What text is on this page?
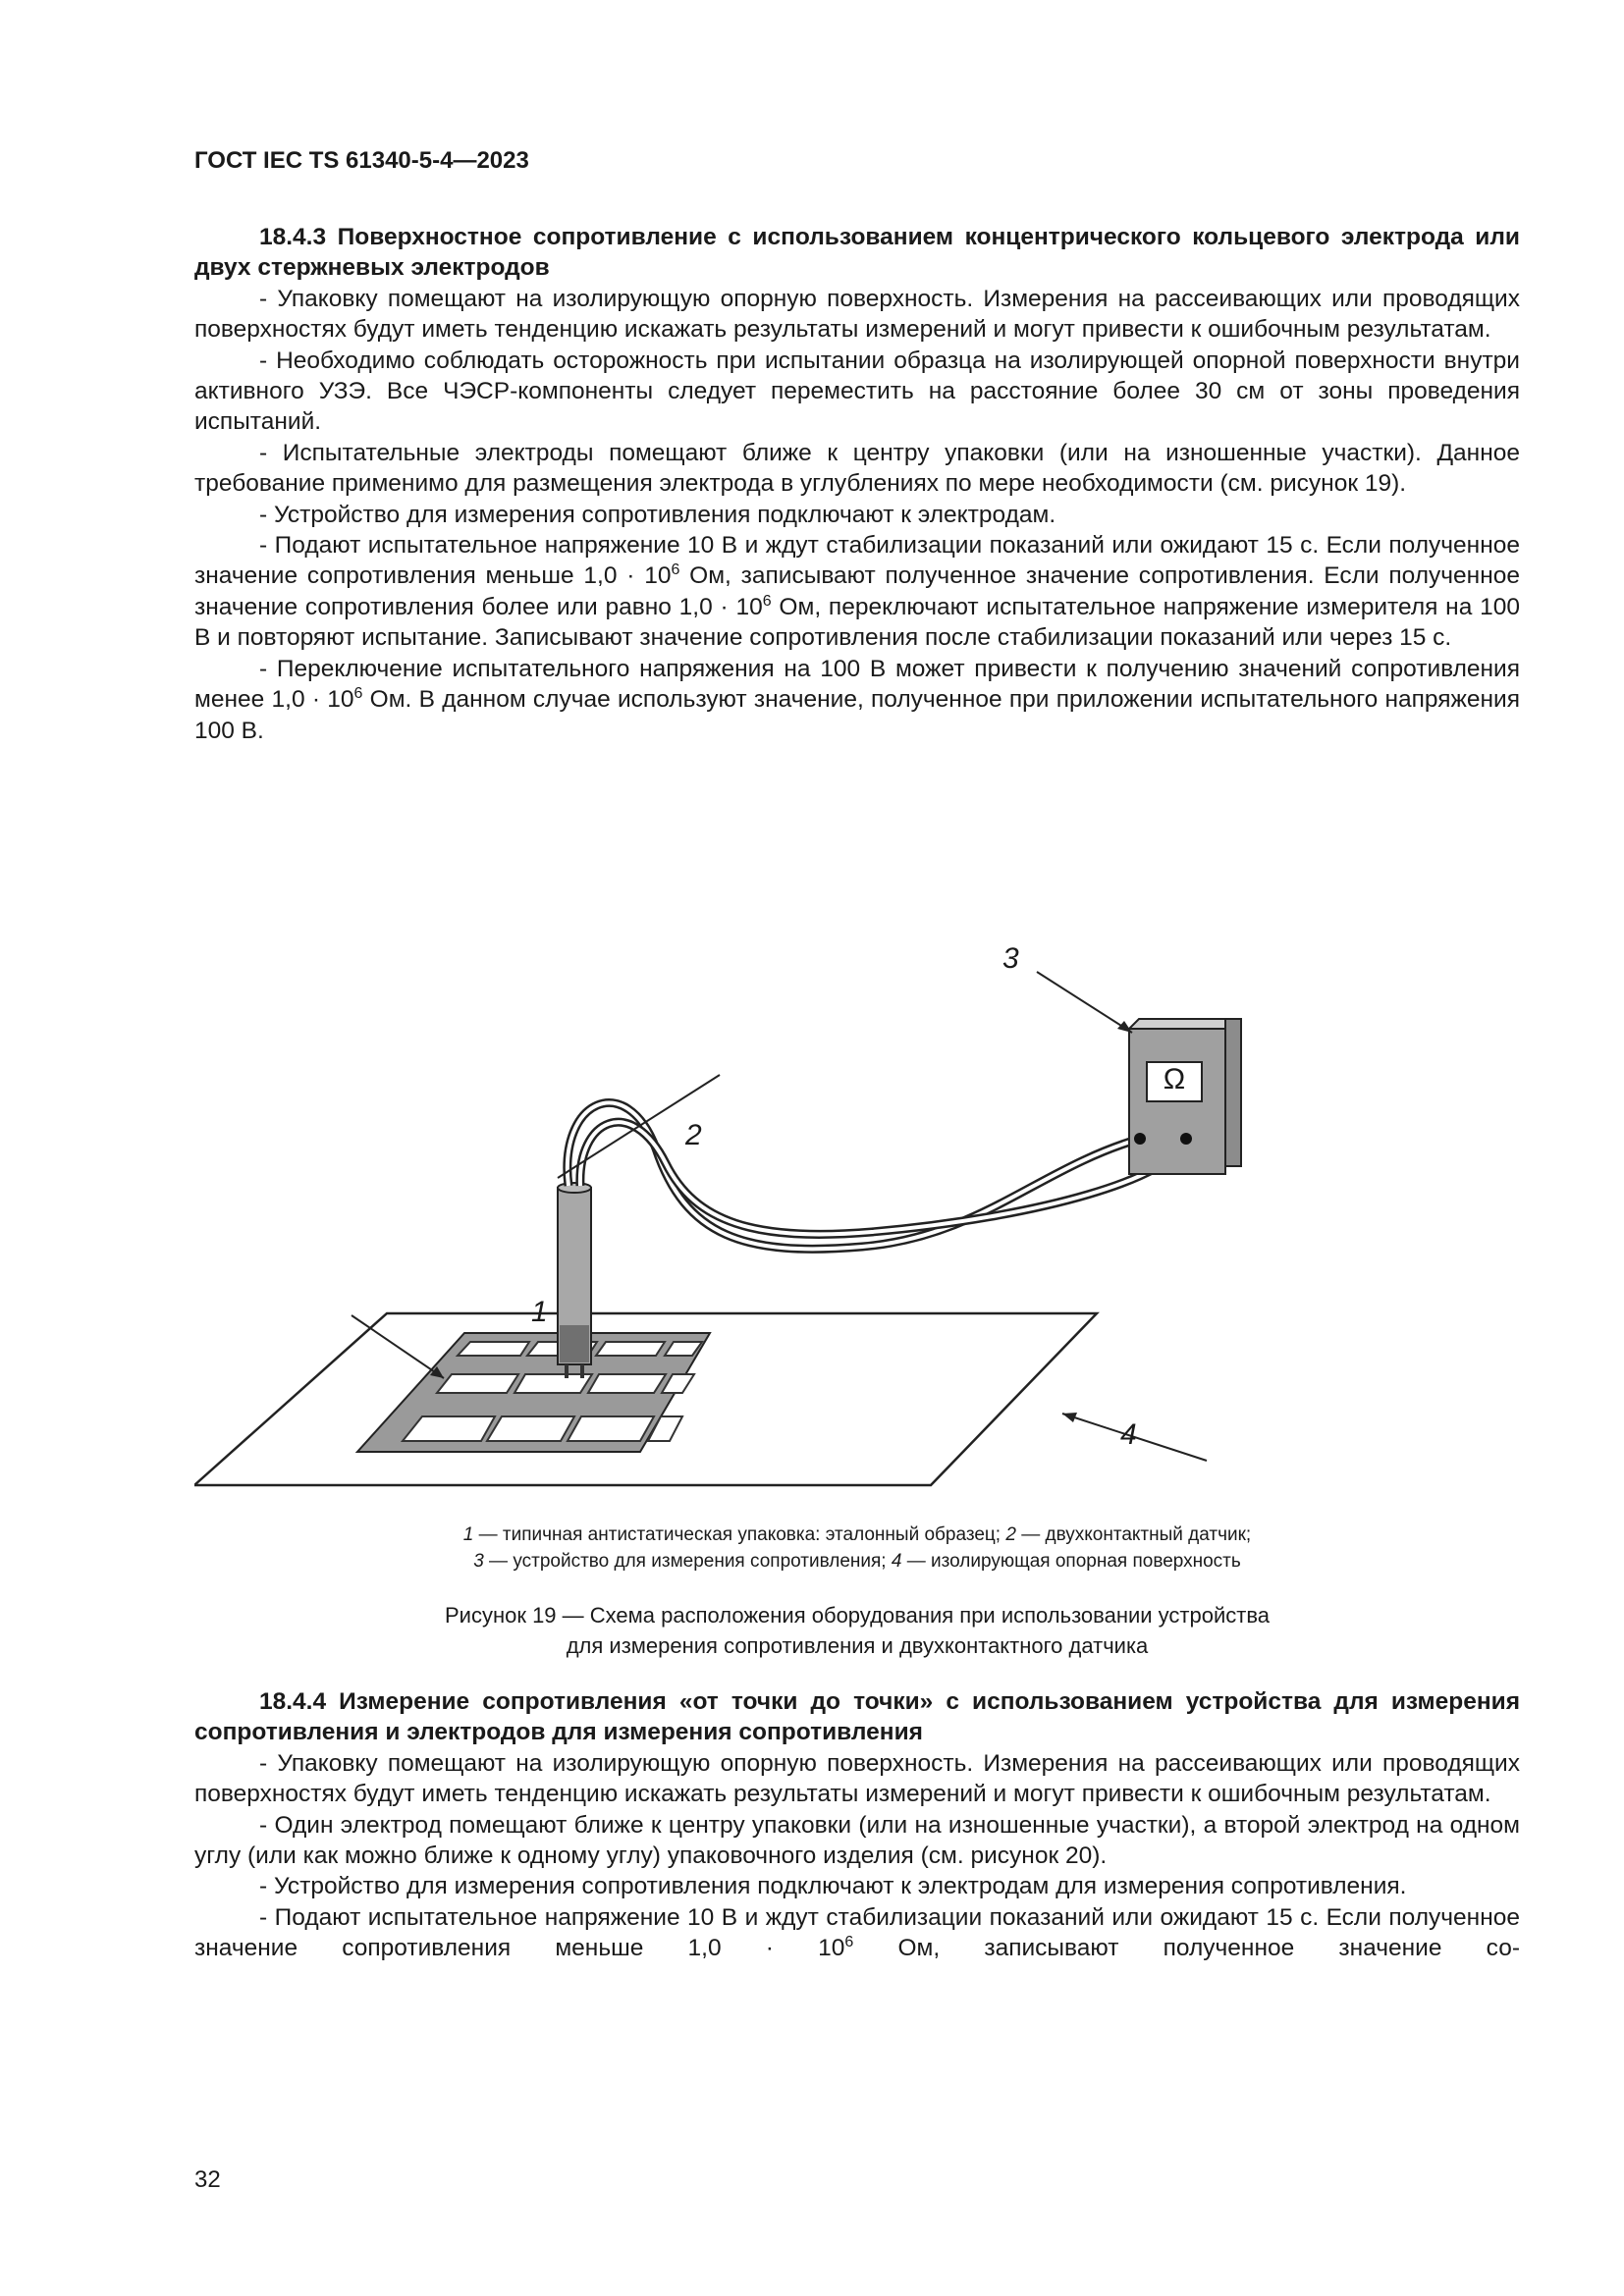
ГОСТ IEC TS 61340-5-4—2023

18.4.3 Поверхностное сопротивление с использованием концентрического кольцевого электрода или двух стержневых электродов

- Упаковку помещают на изолирующую опорную поверхность. Измерения на рассеивающих или проводящих поверхностях будут иметь тенденцию искажать результаты измерений и могут привести к ошибочным результатам.

- Необходимо соблюдать осторожность при испытании образца на изолирующей опорной поверхности внутри активного УЗЭ. Все ЧЭСР-компоненты следует переместить на расстояние более 30 см от зоны проведения испытаний.

- Испытательные электроды помещают ближе к центру упаковки (или на изношенные участки). Данное требование применимо для размещения электрода в углублениях по мере необходимости (см. рисунок 19).

- Устройство для измерения сопротивления подключают к электродам.

- Подают испытательное напряжение 10 В и ждут стабилизации показаний или ожидают 15 с. Если полученное значение сопротивления меньше $1,0 \cdot 10^6$ Ом, записывают полученное значение сопротивления. Если полученное значение сопротивления более или равно $1,0 \cdot 10^6$ Ом, переключают испытательное напряжение измерителя на 100 В и повторяют испытание. Записывают значение сопротивления после стабилизации показаний или через 15 с.

- Переключение испытательного напряжения на 100 В может привести к получению значений сопротивления менее $1,0 \cdot 10^6$ Ом. В данном случае используют значение, полученное при приложении испытательного напряжения 100 В.

3
2
1
4
Ω
1 — типичная антистатическая упаковка: эталонный образец; 2 — двухконтактный датчик;
3 — устройство для измерения сопротивления; 4 — изолирующая опорная поверхность
Рисунок 19 — Схема расположения оборудования при использовании устройства
для измерения сопротивления и двухконтактного датчика

18.4.4 Измерение сопротивления «от точки до точки» с использованием устройства для измерения сопротивления и электродов для измерения сопротивления

- Упаковку помещают на изолирующую опорную поверхность. Измерения на рассеивающих или проводящих поверхностях будут иметь тенденцию искажать результаты измерений и могут привести к ошибочным результатам.

- Один электрод помещают ближе к центру упаковки (или на изношенные участки), а второй электрод на одном углу (или как можно ближе к одному углу) упаковочного изделия (см. рисунок 20).

- Устройство для измерения сопротивления подключают к электродам для измерения сопротивления.

- Подают испытательное напряжение 10 В и ждут стабилизации показаний или ожидают 15 с. Если полученное значение сопротивления меньше $1,0 \cdot 10^6$ Ом, записывают полученное значение со-

32
